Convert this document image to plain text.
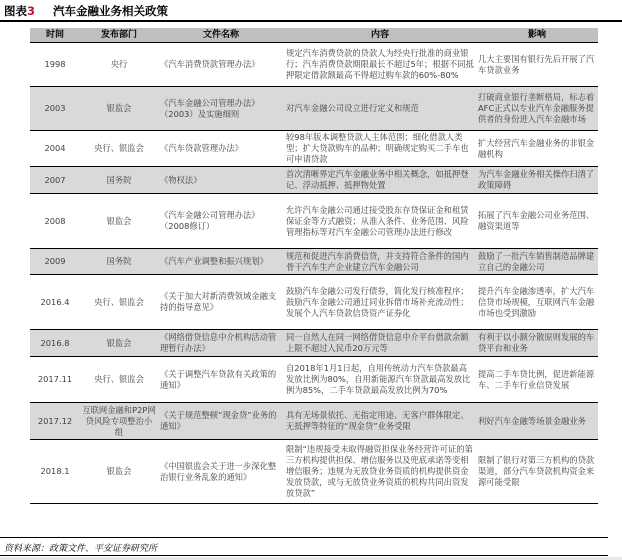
图表3 汽车金融业务相关政策
时间	发布部门	文件名称	内容	影响
1998	央行	《汽车消费贷款管理办法》	规定汽车消费贷款的贷款人为经央行批准的商业银行；汽车消费贷款期限最长不超过5年；根据不同抵押限定借款额最高不得超过购车款的60%-80%	几大主要国有银行先后开展了汽车贷款业务
2003	银监会	《汽车金融公司管理办法》（2003）及实施细则	对汽车金融公司设立进行定义和规范	打破商业银行垄断格局，标志着AFC正式以专业汽车金融服务提供者的身份进入汽车金融市场
2004	央行、银监会	《汽车贷款管理办法》	较98年版本调整贷款人主体范围；细化借款人类型；扩大贷款购车的品种；明确规定购买二手车也可申请贷款	扩大经营汽车金融业务的非银金融机构
2007	国务院	《物权法》	首次清晰界定汽车金融业务中相关概念，如抵押登记、浮动抵押、抵押物处置	为汽车金融业务相关操作扫清了政策障碍
2008	银监会	《汽车金融公司管理办法》（2008修订）	允许汽车金融公司通过接受股东存贷保证金和租赁保证金等方式融资；从准入条件、业务范围、风险管理指标等对汽车金融公司管理办法进行修改	拓展了汽车金融公司业务范围、融资渠道等
2009	国务院	《汽车产业调整和振兴规划》	规范和促进汽车消费信贷，并支持符合条件的国内骨干汽车生产企业建立汽车金融公司	鼓励了一批汽车销售制造品牌建立自己的金融公司
2016.4	央行、银监会	《关于加大对新消费领域金融支持的指导意见》	鼓励汽车金融公司发行债券，简化发行核准程序；鼓励汽车金融公司通过同业拆借市场补充流动性；发展个人汽车贷款信贷资产证券化	提升汽车金融渗透率，扩大汽车信贷市场规模，互联网汽车金融市场也受到激励
2016.8	银监会	《网络借贷信息中介机构活动管理暂行办法》	同一自然人在同一网络借贷信息中介平台借款余额上限不超过人民币20万元等	有利于以小额分散原则发展的车贷平台和业务
2017.11	央行、银监会	《关于调整汽车贷款有关政策的通知》	自2018年1月1日起，自用传统动力汽车贷款最高发放比例为80%，自用新能源汽车贷款最高发放比例为85%，二手车贷款最高发放比例为70%	提高二手车贷比例，促进新能源车、二手车行业信贷发展
2017.12	互联网金融和P2P网贷风险专项整治小组	《关于规范整顿“现金贷”业务的通知》	具有无场景依托、无指定用途、无客户群体限定、无抵押等特征的“现金贷”业务受限	利好汽车金融等场景金融业务
2018.1	银监会	《中国银监会关于进一步深化整治银行业务乱象的通知》	限制“违规接受未取得融资担保业务经营许可证的第三方机构提供担保、增信服务以及兜底承诺等变相增信服务；违规为无放贷业务资质的机构提供资金发放贷款，或与无放贷业务资质的机构共同出资发放贷款”	限制了银行对第三方机构的贷款渠道，部分汽车贷款机构资金来源可能受限
资料来源：政策文件、平安证券研究所
